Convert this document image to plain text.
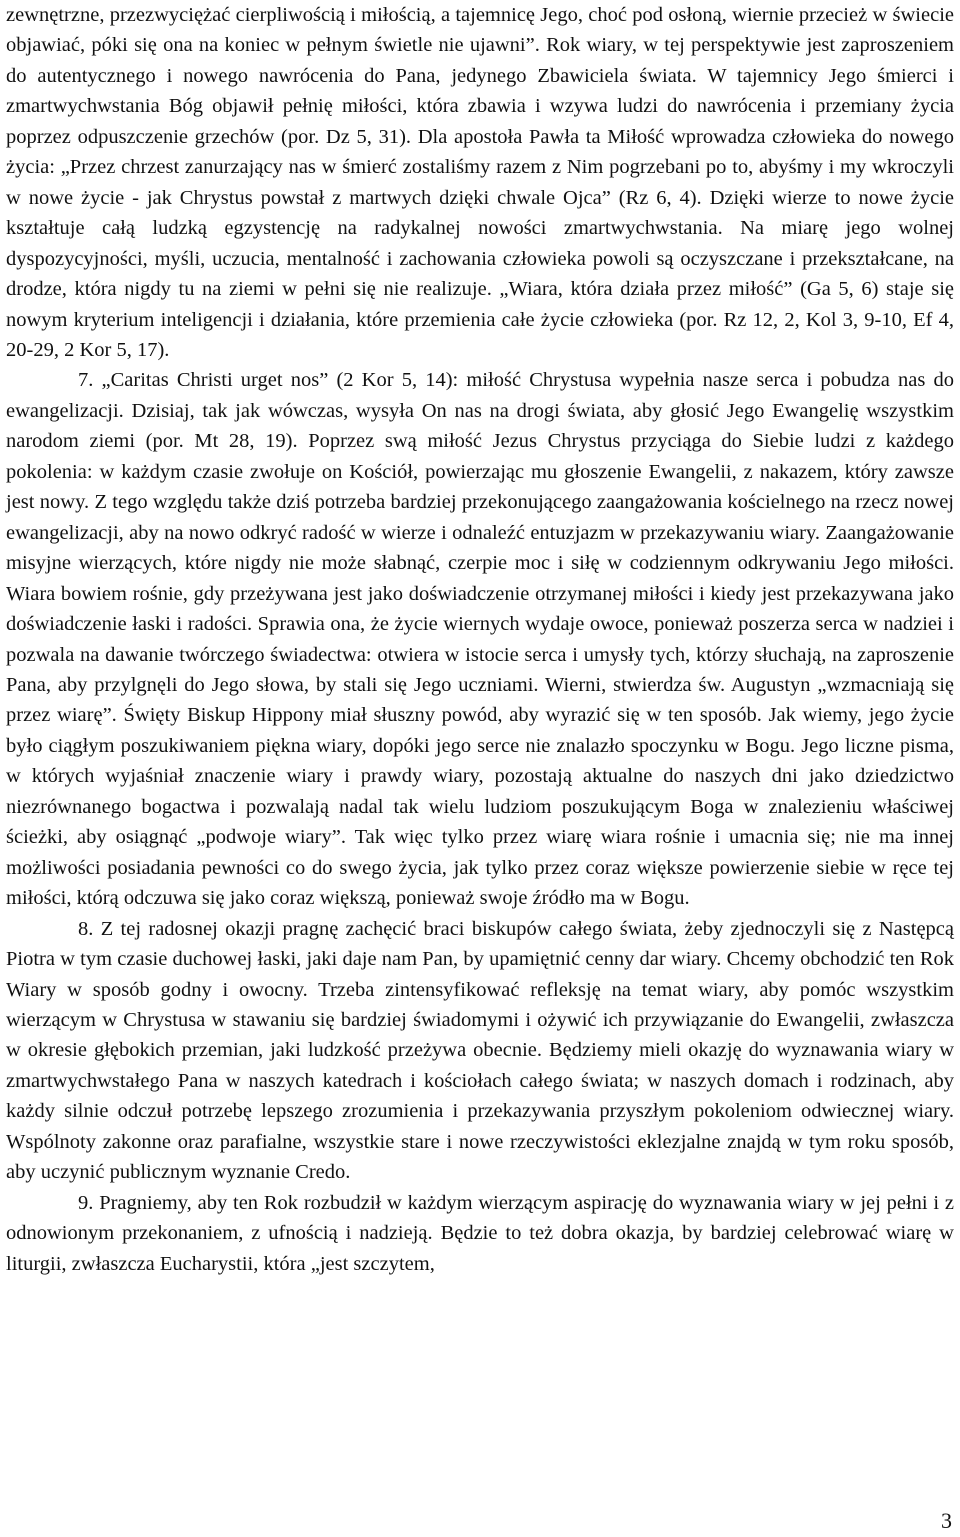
zewnętrzne, przezwyciężać cierpliwością i miłością, a tajemnicę Jego, choć pod osłoną, wiernie przecież w świecie objawiać, póki się ona na koniec w pełnym świetle nie ujawni”. Rok wiary, w tej perspektywie jest zaproszeniem do autentycznego i nowego nawrócenia do Pana, jedynego Zbawiciela świata. W tajemnicy Jego śmierci i zmartwychwstania Bóg objawił pełnię miłości, która zbawia i wzywa ludzi do nawrócenia i przemiany życia poprzez odpuszczenie grzechów (por. Dz 5, 31). Dla apostoła Pawła ta Miłość wprowadza człowieka do nowego życia: „Przez chrzest zanurzający nas w śmierć zostaliśmy razem z Nim pogrzebani po to, abyśmy i my wkroczyli w nowe życie - jak Chrystus powstał z martwych dzięki chwale Ojca” (Rz 6, 4). Dzięki wierze to nowe życie kształtuje całą ludzką egzystencję na radykalnej nowości zmartwychwstania. Na miarę jego wolnej dyspozycyjności, myśli, uczucia, mentalność i zachowania człowieka powoli są oczyszczane i przekształcane, na drodze, która nigdy tu na ziemi w pełni się nie realizuje. „Wiara, która działa przez miłość” (Ga 5, 6) staje się nowym kryterium inteligencji i działania, które przemienia całe życie człowieka (por. Rz 12, 2, Kol 3, 9-10, Ef 4, 20-29, 2 Kor 5, 17).

7. „Caritas Christi urget nos” (2 Kor 5, 14): miłość Chrystusa wypełnia nasze serca i pobudza nas do ewangelizacji. Dzisiaj, tak jak wówczas, wysyła On nas na drogi świata, aby głosić Jego Ewangelię wszystkim narodom ziemi (por. Mt 28, 19). Poprzez swą miłość Jezus Chrystus przyciąga do Siebie ludzi z każdego pokolenia: w każdym czasie zwołuje on Kościół, powierzając mu głoszenie Ewangelii, z nakazem, który zawsze jest nowy. Z tego względu także dziś potrzeba bardziej przekonującego zaangażowania kościelnego na rzecz nowej ewangelizacji, aby na nowo odkryć radość w wierze i odnaleźć entuzjazm w przekazywaniu wiary. Zaangażowanie misyjne wierzących, które nigdy nie może słabnąć, czerpie moc i siłę w codziennym odkrywaniu Jego miłości. Wiara bowiem rośnie, gdy przeżywana jest jako doświadczenie otrzymanej miłości i kiedy jest przekazywana jako doświadczenie łaski i radości. Sprawia ona, że życie wiernych wydaje owoce, ponieważ poszerza serca w nadziei i pozwala na dawanie twórczego świadectwa: otwiera w istocie serca i umysły tych, którzy słuchają, na zaproszenie Pana, aby przylgnęli do Jego słowa, by stali się Jego uczniami. Wierni, stwierdza św. Augustyn „wzmacniają się przez wiarę”. Święty Biskup Hippony miał słuszny powód, aby wyrazić się w ten sposób. Jak wiemy, jego życie było ciągłym poszukiwaniem piękna wiary, dopóki jego serce nie znalazło spoczynku w Bogu. Jego liczne pisma, w których wyjaśniał znaczenie wiary i prawdy wiary, pozostają aktualne do naszych dni jako dziedzictwo niezrównanego bogactwa i pozwalają nadal tak wielu ludziom poszukującym Boga w znalezieniu właściwej ścieżki, aby osiągnąć „podwoje wiary”. Tak więc tylko przez wiarę wiara rośnie i umacnia się; nie ma innej możliwości posiadania pewności co do swego życia, jak tylko przez coraz większe powierzenie siebie w ręce tej miłości, którą odczuwa się jako coraz większą, ponieważ swoje źródło ma w Bogu.

8. Z tej radosnej okazji pragnę zachęcić braci biskupów całego świata, żeby zjednoczyli się z Następcą Piotra w tym czasie duchowej łaski, jaki daje nam Pan, by upamiętnić cenny dar wiary. Chcemy obchodzić ten Rok Wiary w sposób godny i owocny. Trzeba zintensyfikować refleksję na temat wiary, aby pomóc wszystkim wierzącym w Chrystusa w stawaniu się bardziej świadomymi i ożywić ich przywiązanie do Ewangelii, zwłaszcza w okresie głębokich przemian, jaki ludzkość przeżywa obecnie. Będziemy mieli okazję do wyznawania wiary w zmartwychwstałego Pana w naszych katedrach i kościołach całego świata; w naszych domach i rodzinach, aby każdy silnie odczuł potrzebę lepszego zrozumienia i przekazywania przyszłym pokoleniom odwiecznej wiary. Wspólnoty zakonne oraz parafialne, wszystkie stare i nowe rzeczywistości eklezjalne znajdą w tym roku sposób, aby uczynić publicznym wyznanie Credo.

9. Pragniemy, aby ten Rok rozbudził w każdym wierzącym aspirację do wyznawania wiary w jej pełni i z odnowionym przekonaniem, z ufnością i nadzieją. Będzie to też dobra okazja, by bardziej celebrować wiarę w liturgii, zwłaszcza Eucharystii, która „jest szczytem,

3
